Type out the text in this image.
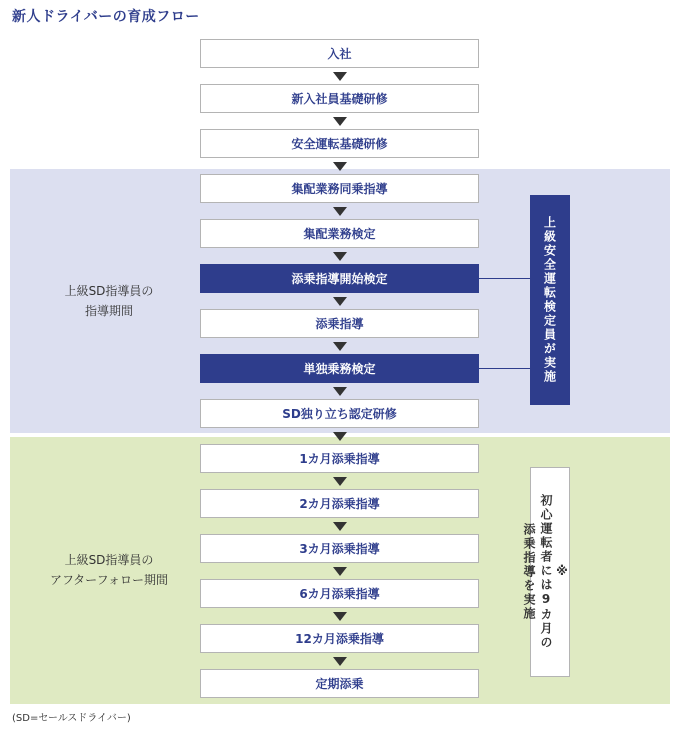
新人ドライバーの育成フロー
上級SD指導員の
指導期間
上級SD指導員の
アフターフォロー期間
入社
新入社員基礎研修
安全運転基礎研修
集配業務同乗指導
集配業務検定
添乗指導開始検定
添乗指導
単独乗務検定
SD独り立ち認定研修
1カ月添乗指導
2カ月添乗指導
3カ月添乗指導
6カ月添乗指導
12カ月添乗指導
定期添乗
上級安全運転検定員が実施
※
初心運転者には9カ月の
添乗指導を実施
(SD=セールスドライバー)
